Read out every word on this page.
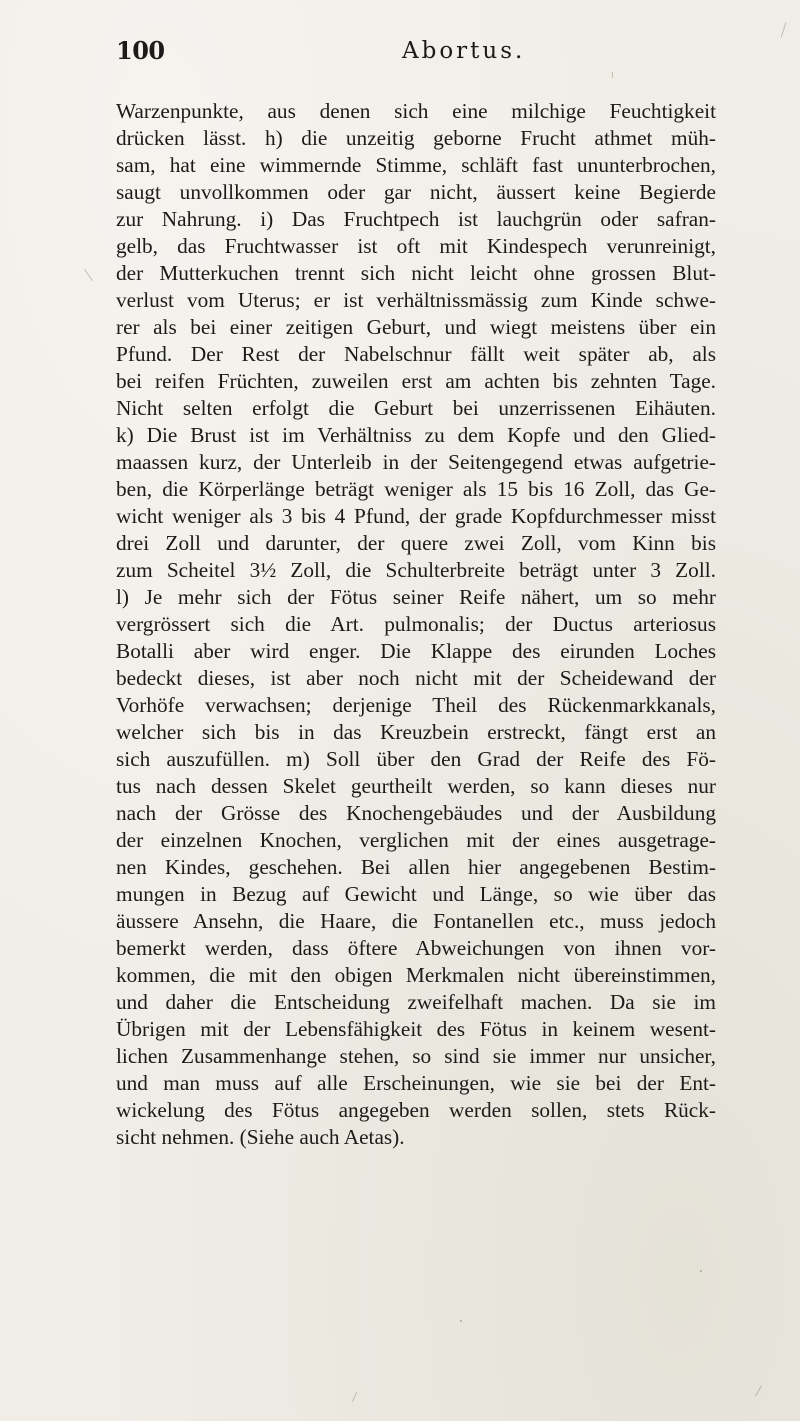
100	Abortus.
Warzenpunkte, aus denen sich eine milchige Feuchtigkeit
drücken lässt. h) die unzeitig geborne Frucht athmet müh-
sam, hat eine wimmernde Stimme, schläft fast ununterbrochen,
saugt unvollkommen oder gar nicht, äussert keine Begierde
zur Nahrung. i) Das Fruchtpech ist lauchgrün oder safran-
gelb, das Fruchtwasser ist oft mit Kindespech verunreinigt,
der Mutterkuchen trennt sich nicht leicht ohne grossen Blut-
verlust vom Uterus; er ist verhältnissmässig zum Kinde schwe-
rer als bei einer zeitigen Geburt, und wiegt meistens über ein
Pfund. Der Rest der Nabelschnur fällt weit später ab, als
bei reifen Früchten, zuweilen erst am achten bis zehnten Tage.
Nicht selten erfolgt die Geburt bei unzerrissenen Eihäuten.
k) Die Brust ist im Verhältniss zu dem Kopfe und den Glied-
maassen kurz, der Unterleib in der Seitengegend etwas aufgetrie-
ben, die Körperlänge beträgt weniger als 15 bis 16 Zoll, das Ge-
wicht weniger als 3 bis 4 Pfund, der grade Kopfdurchmesser misst
drei Zoll und darunter, der quere zwei Zoll, vom Kinn bis
zum Scheitel 3½ Zoll, die Schulterbreite beträgt unter 3 Zoll.
l) Je mehr sich der Fötus seiner Reife nähert, um so mehr
vergrössert sich die Art. pulmonalis; der Ductus arteriosus
Botalli aber wird enger. Die Klappe des eirunden Loches
bedeckt dieses, ist aber noch nicht mit der Scheidewand der
Vorhöfe verwachsen; derjenige Theil des Rückenmarkkanals,
welcher sich bis in das Kreuzbein erstreckt, fängt erst an
sich auszufüllen. m) Soll über den Grad der Reife des Fö-
tus nach dessen Skelet geurtheilt werden, so kann dieses nur
nach der Grösse des Knochengebäudes und der Ausbildung
der einzelnen Knochen, verglichen mit der eines ausgetrage-
nen Kindes, geschehen. Bei allen hier angegebenen Bestim-
mungen in Bezug auf Gewicht und Länge, so wie über das
äussere Ansehn, die Haare, die Fontanellen etc., muss jedoch
bemerkt werden, dass öftere Abweichungen von ihnen vor-
kommen, die mit den obigen Merkmalen nicht übereinstimmen,
und daher die Entscheidung zweifelhaft machen. Da sie im
Übrigen mit der Lebensfähigkeit des Fötus in keinem wesent-
lichen Zusammenhange stehen, so sind sie immer nur unsicher,
und man muss auf alle Erscheinungen, wie sie bei der Ent-
wickelung des Fötus angegeben werden sollen, stets Rück-
sicht nehmen. (Siehe auch Aetas).
